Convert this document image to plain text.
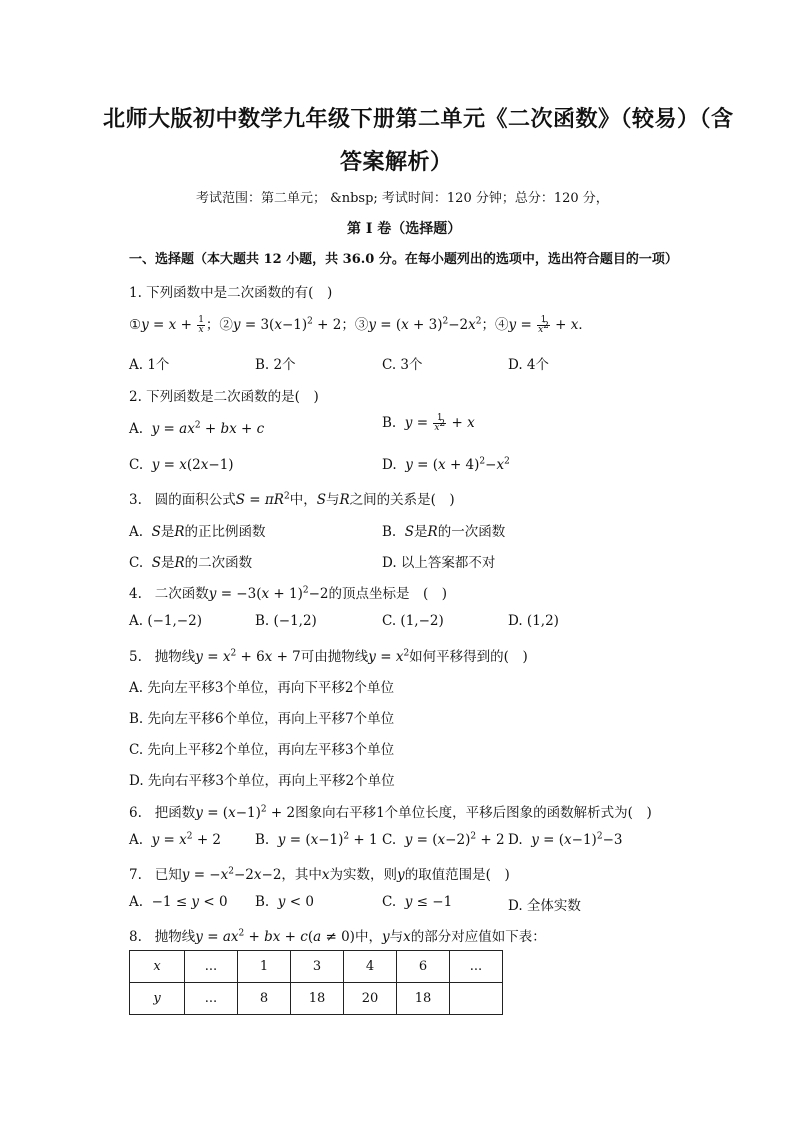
北师大版初中数学九年级下册第二单元《二次函数》（较易）（含
答案解析）
考试范围：第二单元； &nbsp; 考试时间：120 分钟；总分：120 分，
第 I 卷（选择题）
一、选择题（本大题共 12 小题，共 36.0 分。在每小题列出的选项中，选出符合题目的一项）
1. 下列函数中是二次函数的有(　)
①y = $x + \frac{1}{x}$ ；②y = $3(x-1)^2 + 2$；③y = $(x + 3)^2-2x^2$；④y = $\frac{1}{x^2} + x$．
A. 1个	B. 2个	C. 3个	D. 4个
2. 下列函数是二次函数的是(　)
A.  $y = ax^2$ + bx + c	B.  $y = \frac{1}{x^2} + x$
C.  y = x(2x−1)	D.  $y = (x + 4)^2-x^2$
3.   圆的面积公式$S = \pi R^2$中，S与R之间的关系是(　)
A.  S是R的正比例函数	B.  S是R的一次函数
C.  S是R的二次函数	D. 以上答案都不对
4.   二次函数$y = -3(x + 1)^2-2$的顶点坐标是　(　)
A. (−1,−2)	B. (−1,2)	C. (1,−2)	D. (1,2)
5.   抛物线$y = x^2 + 6x + 7$可由抛物线$y = x^2$如何平移得到的(　)
A. 先向左平移3个单位，再向下平移2个单位
B. 先向左平移6个单位，再向上平移7个单位
C. 先向上平移2个单位，再向左平移3个单位
D. 先向右平移3个单位，再向上平移2个单位
6.   把函数$y = (x-1)^2 + 2$图象向右平移1个单位长度，平移后图象的函数解析式为(　)
A.  $y = x^2 + 2$	B.  $y = (x-1)^2 + 1$ C.  $y = (x-2)^2 + 2$ D.  $y = (x-1)^2-3$
7.   已知$y = -x^2-2x-2$，其中x为实数，则y的取值范围是(　)
A.  −1 ≤ y < 0 B.  y < 0	C.  y ≤ −1	D. 全体实数
8.   抛物线$y = ax^2$ + bx + c(a ≠ 0)中，y与x的部分对应值如下表：
x	...	1	3	4	6	...
y	...	8	18	20	18	
